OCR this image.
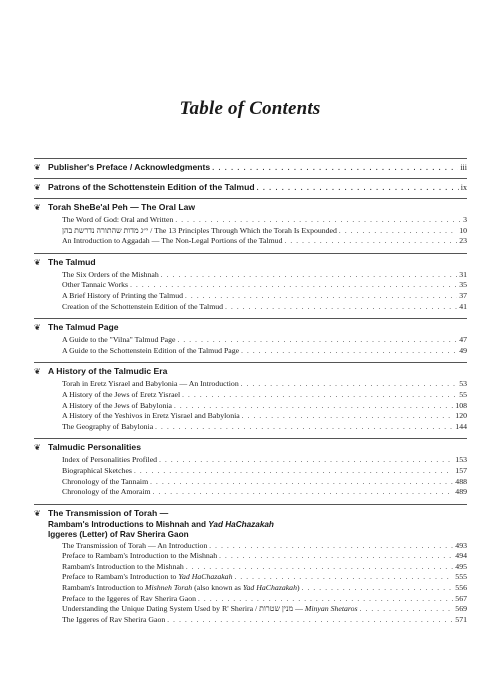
Table of Contents
❦ Publisher's Preface / Acknowledgments . . .	iii
❦ Patrons of the Schottenstein Edition of the Talmud . . .	ix
❦ Torah SheBe'al Peh — The Oral Law
The Word of God: Oral and Written . . .	3
י״ג מדות שהתורה נדרשת בהן / The 13 Principles Through Which the Torah Is Expounded . . .	10
An Introduction to Aggadah — The Non-Legal Portions of the Talmud . . .	23
❦ The Talmud
The Six Orders of the Mishnah . . .	31
Other Tannaic Works . . .	35
A Brief History of Printing the Talmud . . .	37
Creation of the Schottenstein Edition of the Talmud . . .	41
❦ The Talmud Page
A Guide to the "Vilna" Talmud Page . . .	47
A Guide to the Schottenstein Edition of the Talmud Page . . .	49
❦ A History of the Talmudic Era
Torah in Eretz Yisrael and Babylonia — An Introduction . . .	53
A History of the Jews of Eretz Yisrael . . .	55
A History of the Jews of Babylonia . . .	108
A History of the Yeshivos in Eretz Yisrael and Babylonia . . .	120
The Geography of Babylonia . . .	144
❦ Talmudic Personalities
Index of Personalities Profiled . . .	153
Biographical Sketches . . .	157
Chronology of the Tannaim . . .	488
Chronology of the Amoraim . . .	489
❦ The Transmission of Torah —
Rambam's Introductions to Mishnah and Yad HaChazakah
Iggeres (Letter) of Rav Sherira Gaon
The Transmission of Torah — An Introduction . . .	493
Preface to Rambam's Introduction to the Mishnah . . .	494
Rambam's Introduction to the Mishnah . . .	495
Preface to Rambam's Introduction to Yad HaChazakah . . .	555
Rambam's Introduction to Mishneh Torah (also known as Yad HaChazakah) . . .	556
Preface to the Iggeres of Rav Sherira Gaon . . .	567
Understanding the Unique Dating System Used by R' Sherira / מנין שטרות — Minyan Shetaros . . .	569
The Iggeres of Rav Sherira Gaon . . .	571
